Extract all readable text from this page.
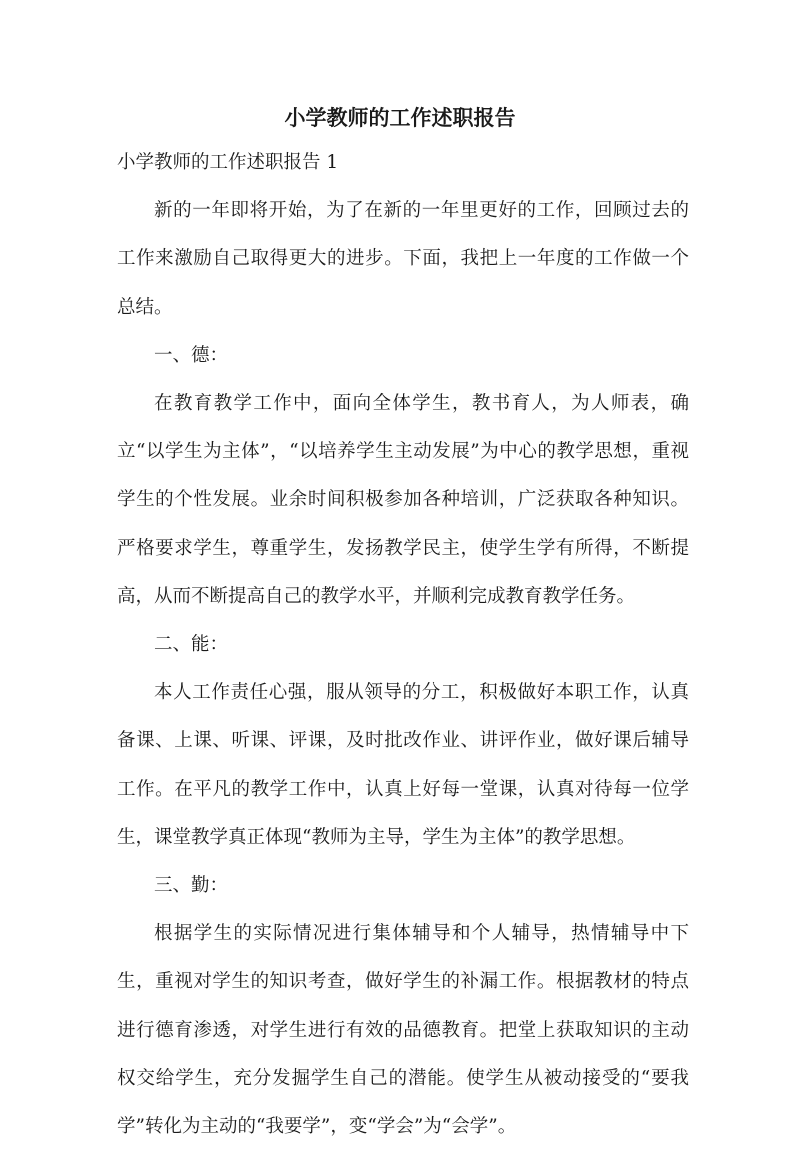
小学教师的工作述职报告

小学教师的工作述职报告 1

新的一年即将开始，为了在新的一年里更好的工作，回顾过去的工作来激励自己取得更大的进步。下面，我把上一年度的工作做一个总结。

一、德：

在教育教学工作中，面向全体学生，教书育人，为人师表，确立“以学生为主体”，“以培养学生主动发展”为中心的教学思想，重视学生的个性发展。业余时间积极参加各种培训，广泛获取各种知识。严格要求学生，尊重学生，发扬教学民主，使学生学有所得，不断提高，从而不断提高自己的教学水平，并顺利完成教育教学任务。

二、能：

本人工作责任心强，服从领导的分工，积极做好本职工作，认真备课、上课、听课、评课，及时批改作业、讲评作业，做好课后辅导工作。在平凡的教学工作中，认真上好每一堂课，认真对待每一位学生，课堂教学真正体现“教师为主导，学生为主体”的教学思想。

三、勤：

根据学生的实际情况进行集体辅导和个人辅导，热情辅导中下生，重视对学生的知识考查，做好学生的补漏工作。根据教材的特点进行德育渗透，对学生进行有效的品德教育。把堂上获取知识的主动权交给学生，充分发掘学生自己的潜能。使学生从被动接受的“要我学”转化为主动的“我要学”，变“学会”为“会学”。
